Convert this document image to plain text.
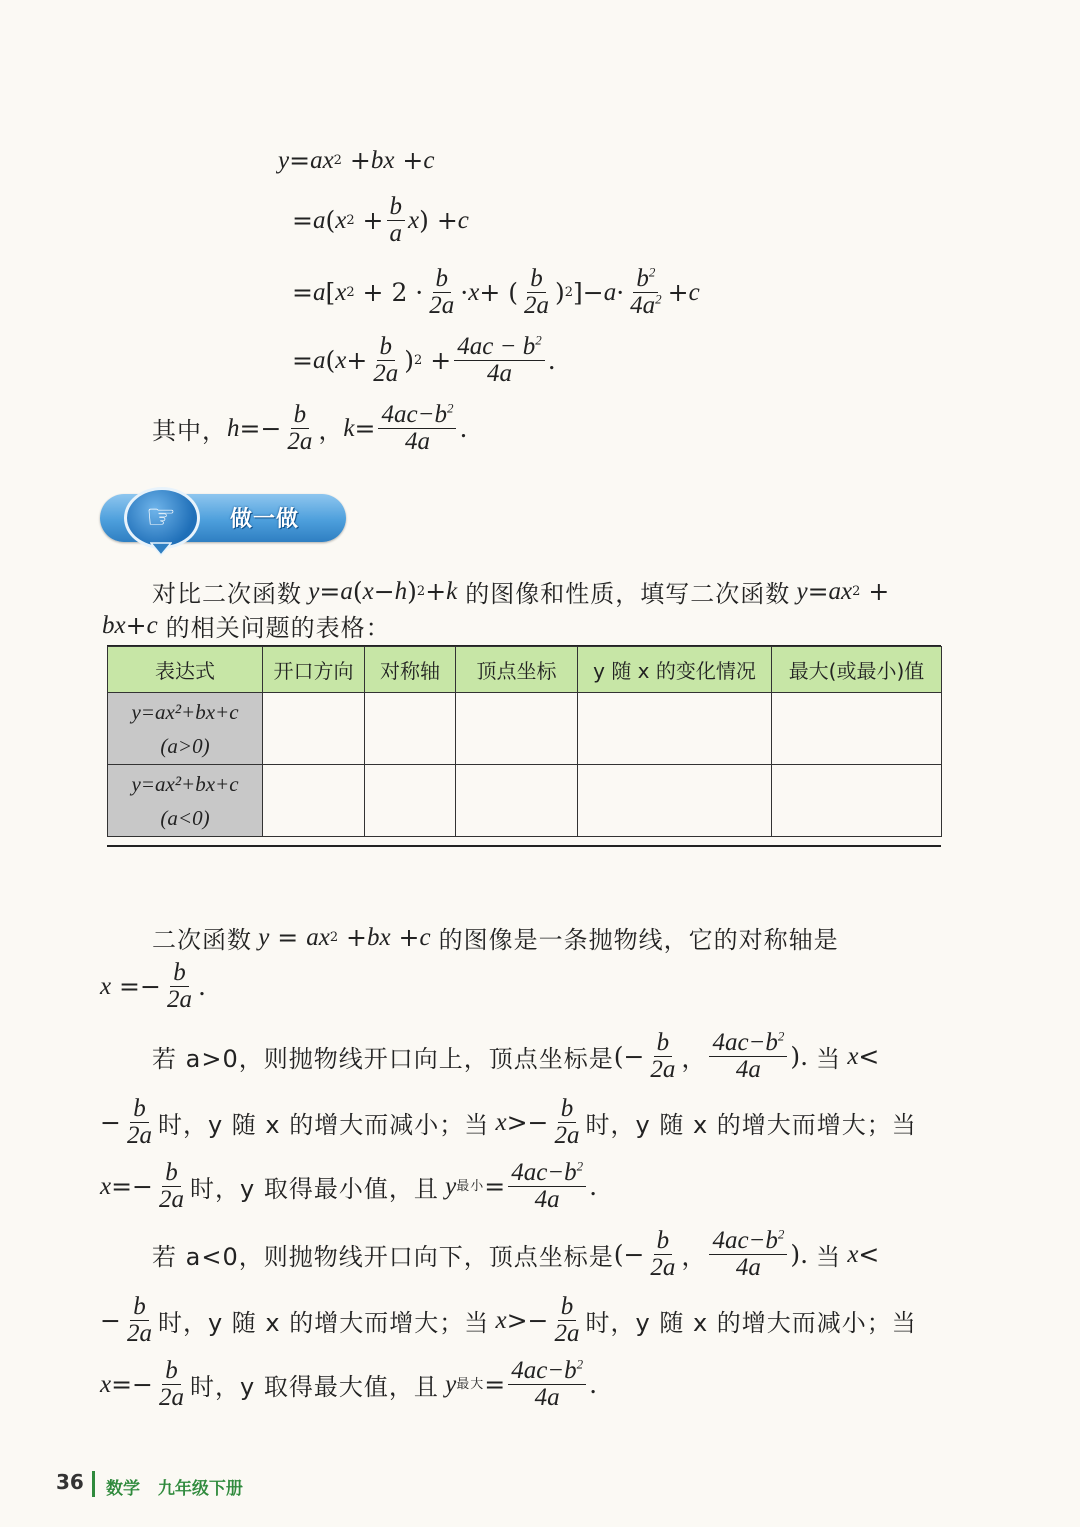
y = ax 2 + bx + c
= a ( x $2 + \frac{b}{a}$ x ) + c
= a [ x $2 + 2 \cdot \frac{b}{2a} \cdot x$ + ( $\frac{b}{2a}$ ) 2 ]− $a \cdot \frac{b^2}{4a^2} + c$
= a ( $x + \frac{b}{2a}$ ) $2 + \frac{4ac - b^2}{4a}$ .
其中， $h =- \frac{b}{2a}$ ， $k = \frac{4ac-b^2}{4a}$ .
☞	做一做
对比二次函数 y = a ( x − h ) 2 + k
的图像和性质，填写二次函数 y = ax 2 +
bx + c
的相关问题的表格：
表达式	开口方向	对称轴	顶点坐标	y 随 x 的变化情况	最大(或最小)值

y=ax²+bx+c
(a>0)					

y=ax²+bx+c
(a<0)					

二次函数 y = ax 2 + bx + c
的图像是一条抛物线，它的对称轴是
$x =- \frac{b}{2a}$ .
若 a>0，则抛物线开口向上，顶点坐标是 (− $\frac{b}{2a}$ ， $\frac{4ac-b^2}{4a}$ ). 当 x <
− $\frac{b}{2a}$ 时，y 随 x 的增大而减小；当 $x >- \frac{b}{2a}$ 时，y 随 x 的增大而增大；当
$x =- \frac{b}{2a}$ 时，y 取得最小值，且 y 最小 = $\frac{4ac-b^2}{4a}$ .
若 a<0，则抛物线开口向下，顶点坐标是 (− $\frac{b}{2a}$ ， $\frac{4ac-b^2}{4a}$ ). 当 x <
− $\frac{b}{2a}$ 时，y 随 x 的增大而增大；当 $x >- \frac{b}{2a}$ 时，y 随 x 的增大而减小；当
$x =- \frac{b}{2a}$ 时，y 取得最大值，且 y 最大 = $\frac{4ac-b^2}{4a}$ .
36 数学 九年级下册
